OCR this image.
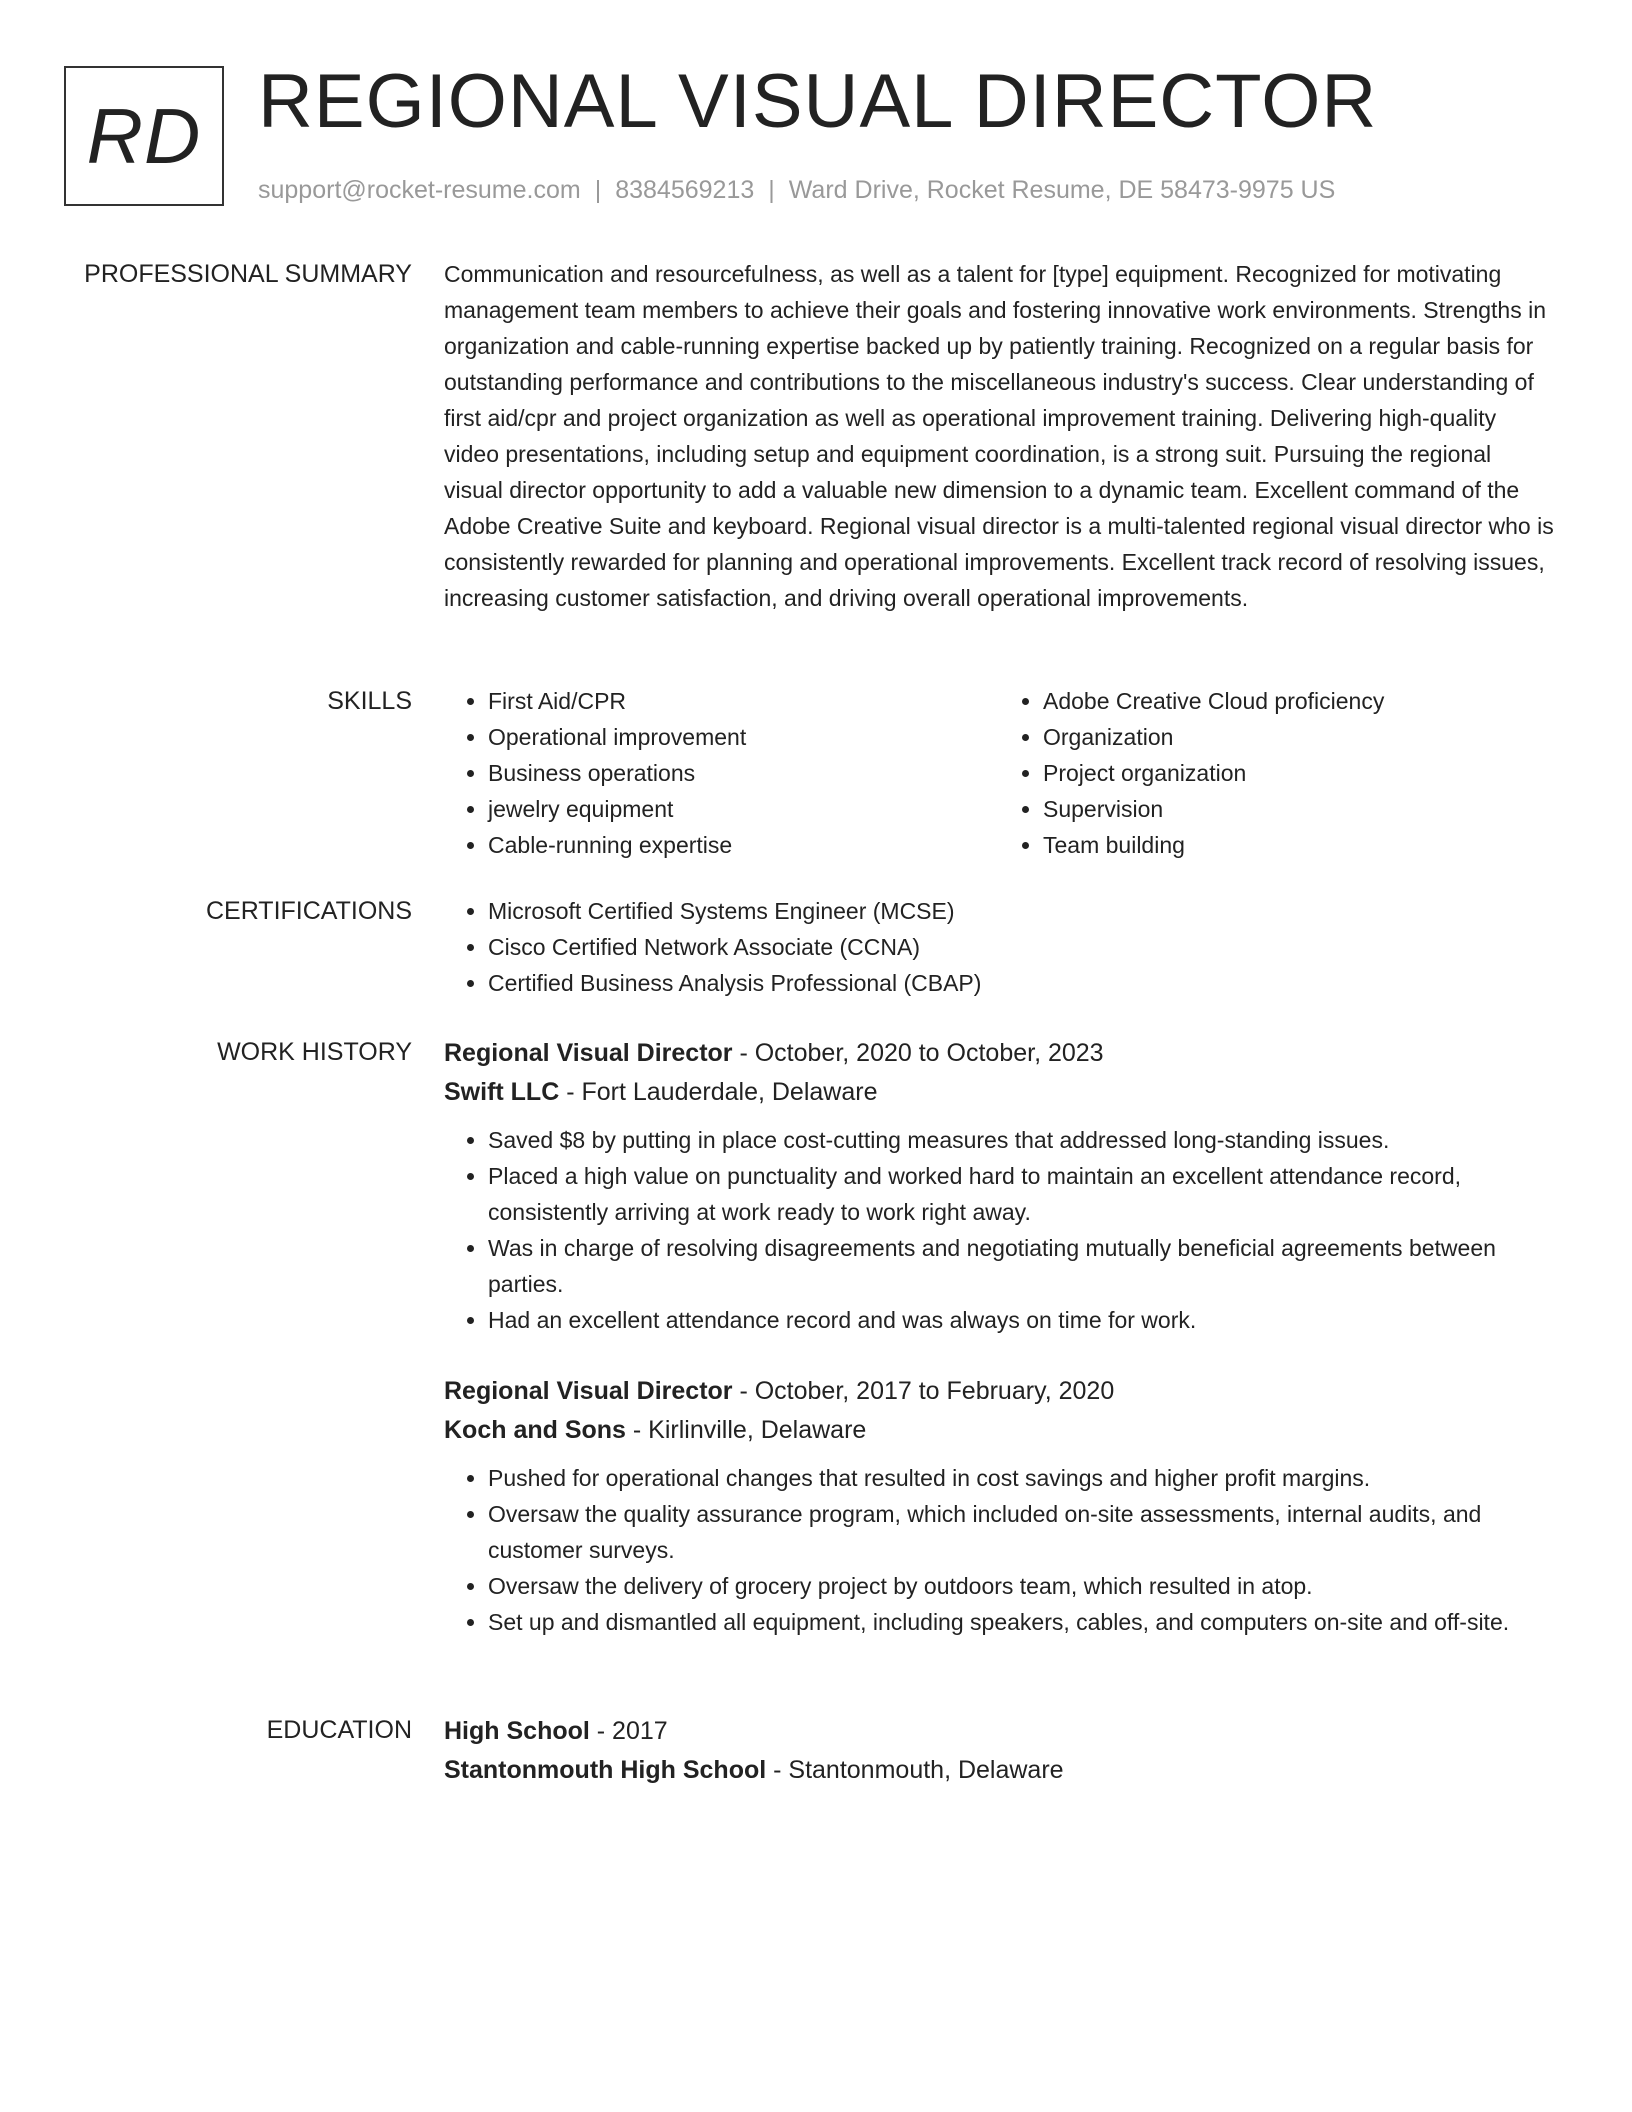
RD REGIONAL VISUAL DIRECTOR
support@rocket-resume.com | 8384569213 | Ward Drive, Rocket Resume, DE 58473-9975 US
PROFESSIONAL SUMMARY Communication and resourcefulness, as well as a talent for [type] equipment. Recognized for motivating management team members to achieve their goals and fostering innovative work environments. Strengths in organization and cable-running expertise backed up by patiently training. Recognized on a regular basis for outstanding performance and contributions to the miscellaneous industry's success. Clear understanding of first aid/cpr and project organization as well as operational improvement training. Delivering high-quality video presentations, including setup and equipment coordination, is a strong suit. Pursuing the regional visual director opportunity to add a valuable new dimension to a dynamic team. Excellent command of the Adobe Creative Suite and keyboard. Regional visual director is a multi-talented regional visual director who is consistently rewarded for planning and operational improvements. Excellent track record of resolving issues, increasing customer satisfaction, and driving overall operational improvements.

SKILLS	• First Aid/CPR
• Operational improvement
• Business operations
• jewelry equipment
• Cable-running expertise
• Adobe Creative Cloud proficiency
• Organization
• Project organization
• Supervision
• Team building
CERTIFICATIONS	• Microsoft Certified Systems Engineer (MCSE)
• Cisco Certified Network Associate (CCNA)
• Certified Business Analysis Professional (CBAP)
WORK HISTORY Regional Visual Director - October, 2020 to October, 2023
Swift LLC - Fort Lauderdale, Delaware
• Saved $8 by putting in place cost-cutting measures that addressed long-standing issues.
• Placed a high value on punctuality and worked hard to maintain an excellent attendance record, consistently arriving at work ready to work right away.
• Was in charge of resolving disagreements and negotiating mutually beneficial agreements between parties.
• Had an excellent attendance record and was always on time for work.
Regional Visual Director - October, 2017 to February, 2020
Koch and Sons - Kirlinville, Delaware
• Pushed for operational changes that resulted in cost savings and higher profit margins.
• Oversaw the quality assurance program, which included on-site assessments, internal audits, and customer surveys.
• Oversaw the delivery of grocery project by outdoors team, which resulted in atop.
• Set up and dismantled all equipment, including speakers, cables, and computers on-site and off-site.
EDUCATION High School - 2017
Stantonmouth High School - Stantonmouth, Delaware
